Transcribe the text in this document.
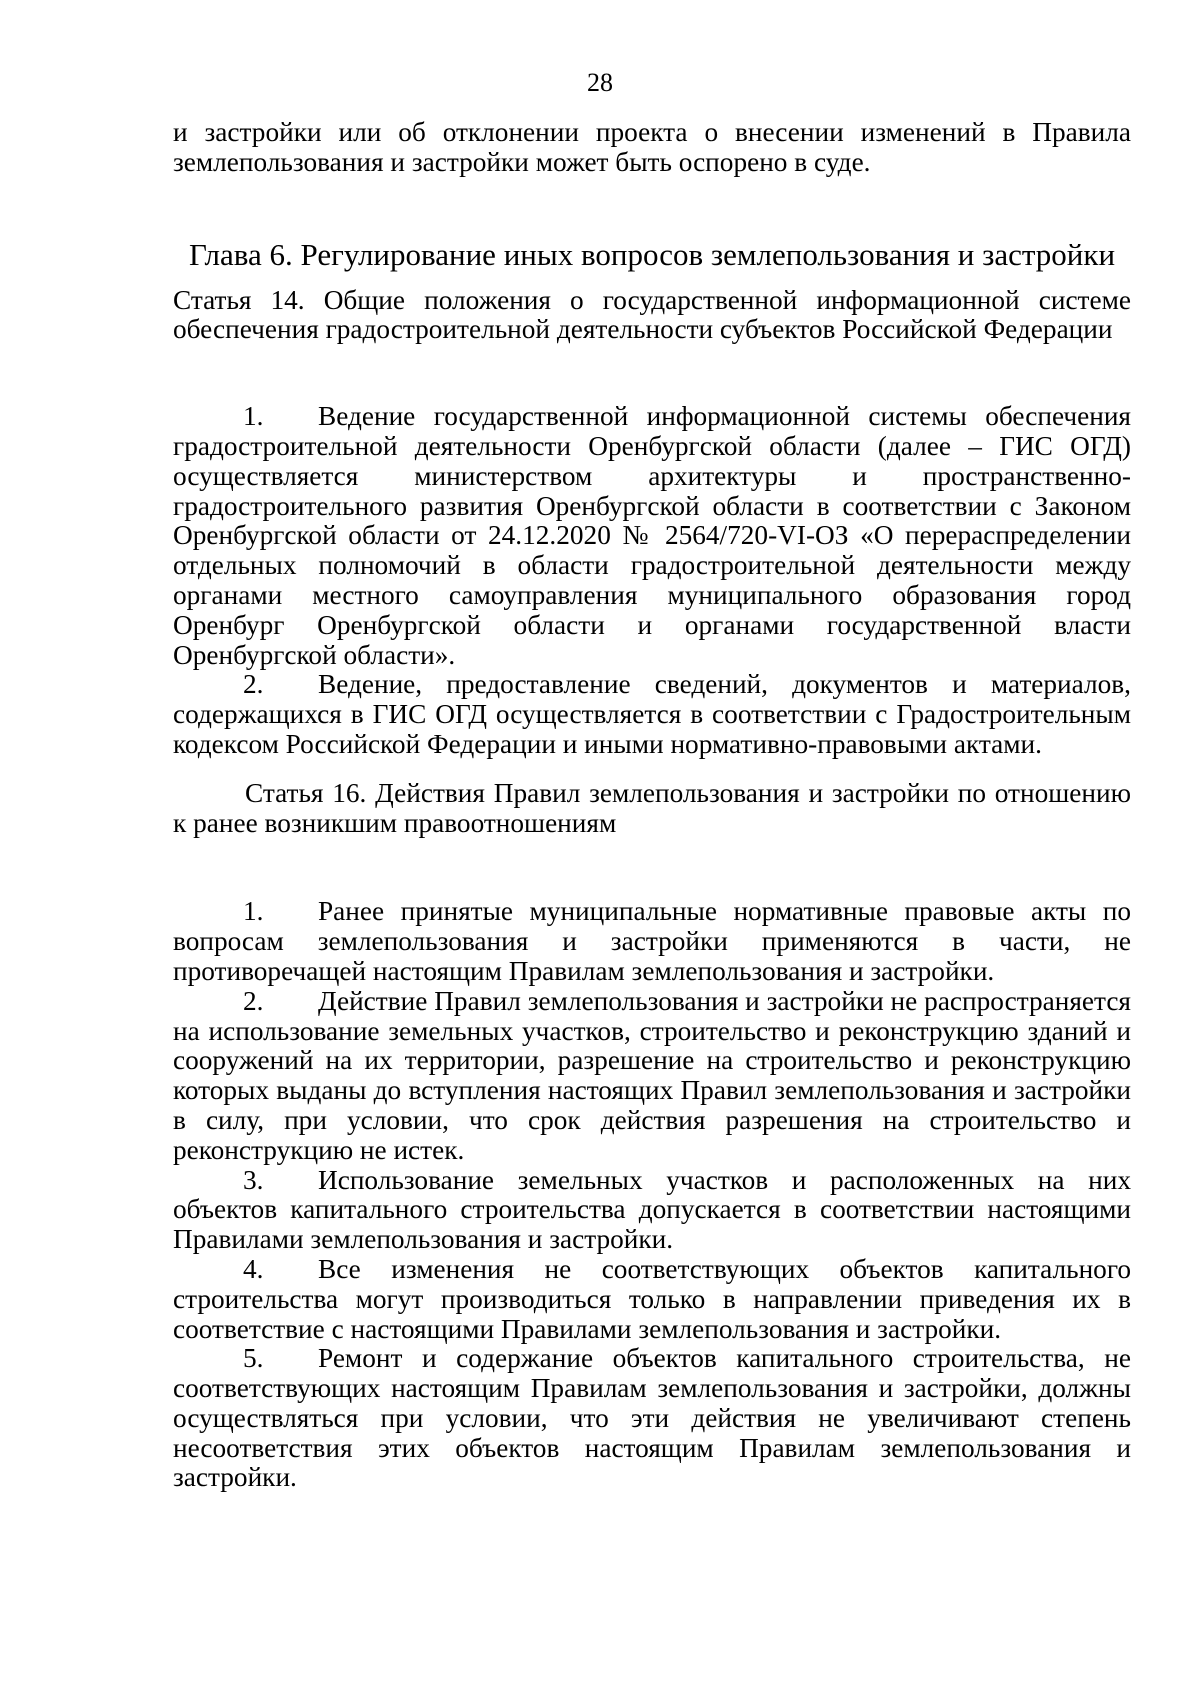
28

и застройки или об отклонении проекта о внесении изменений в Правила землепользования и застройки может быть оспорено в суде.

Глава 6. Регулирование иных вопросов землепользования и застройки

Статья 14. Общие положения о государственной информационной системе обеспечения градостроительной деятельности субъектов Российской Федерации

1. Ведение государственной информационной системы обеспечения градостроительной деятельности Оренбургской области (далее – ГИС ОГД) осуществляется министерством архитектуры и пространственно-градостроительного развития Оренбургской области в соответствии с Законом Оренбургской области от 24.12.2020 № 2564/720-VI-ОЗ «О перераспределении отдельных полномочий в области градостроительной деятельности между органами местного самоуправления муниципального образования город Оренбург Оренбургской области и органами государственной власти Оренбургской области».

2. Ведение, предоставление сведений, документов и материалов, содержащихся в ГИС ОГД осуществляется в соответствии с Градостроительным кодексом Российской Федерации и иными нормативно-правовыми актами.

Статья 16. Действия Правил землепользования и застройки по отношению к ранее возникшим правоотношениям

1. Ранее принятые муниципальные нормативные правовые акты по вопросам землепользования и застройки применяются в части, не противоречащей настоящим Правилам землепользования и застройки.

2. Действие Правил землепользования и застройки не распространяется на использование земельных участков, строительство и реконструкцию зданий и сооружений на их территории, разрешение на строительство и реконструкцию которых выданы до вступления настоящих Правил землепользования и застройки в силу, при условии, что срок действия разрешения на строительство и реконструкцию не истек.

3. Использование земельных участков и расположенных на них объектов капитального строительства допускается в соответствии настоящими Правилами землепользования и застройки.

4. Все изменения не соответствующих объектов капитального строительства могут производиться только в направлении приведения их в соответствие с настоящими Правилами землепользования и застройки.

5. Ремонт и содержание объектов капитального строительства, не соответствующих настоящим Правилам землепользования и застройки, должны осуществляться при условии, что эти действия не увеличивают степень несоответствия этих объектов настоящим Правилам землепользования и застройки.
